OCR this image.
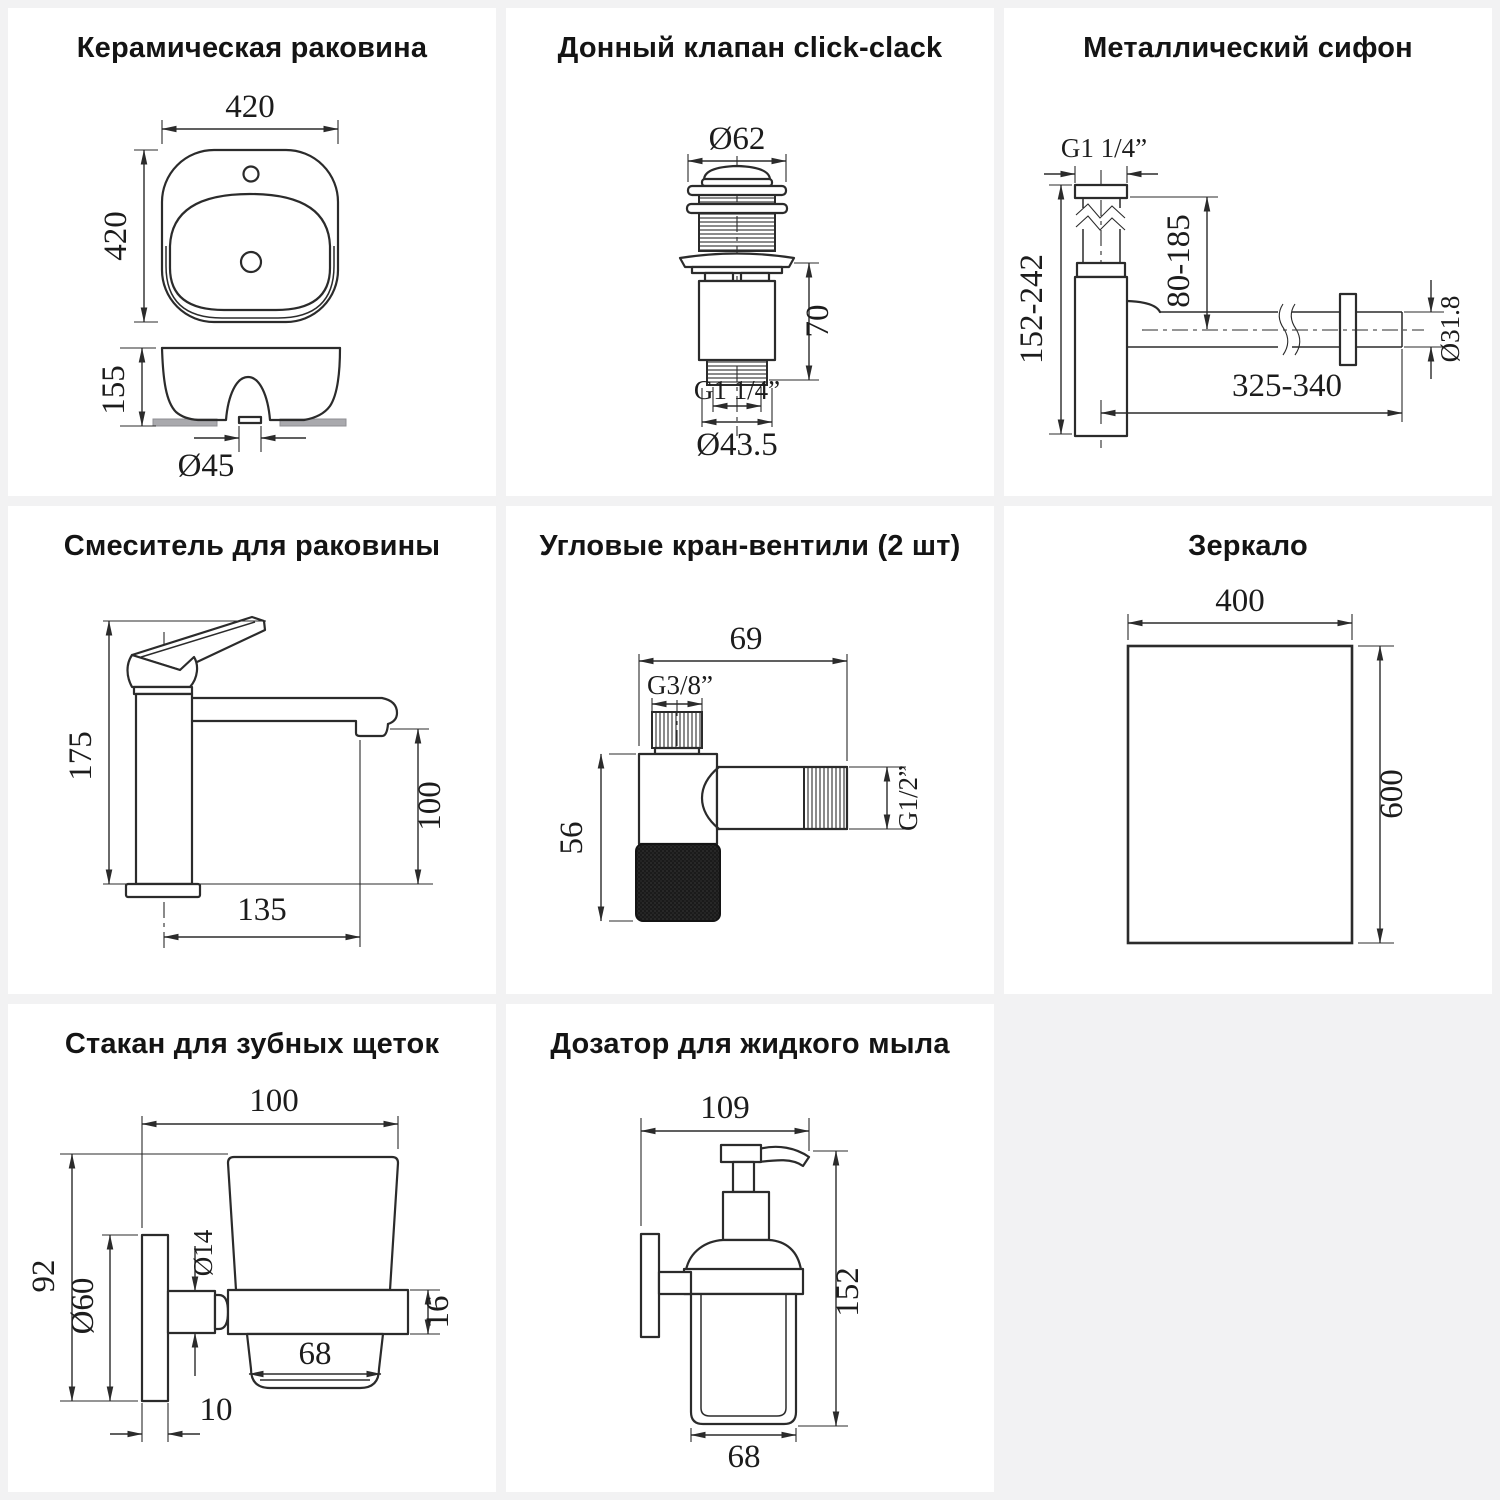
Керамическая раковина
420
420
155
Ø45
Донный клапан click-clack
Ø62
70
G1 1/4”
Ø43.5
Металлический сифон
G1 1/4”
152-242	80-185
Ø31.8
325-340
Смеситель для раковины
175
100
135
Угловые кран-вентили (2 шт)
69
G3/8”
56
G1/2”
Зеркало
400
600
Стакан для зубных щеток
100
92
Ø60
Ø14
16
68
10
Дозатор для жидкого мыла
109
152
68
